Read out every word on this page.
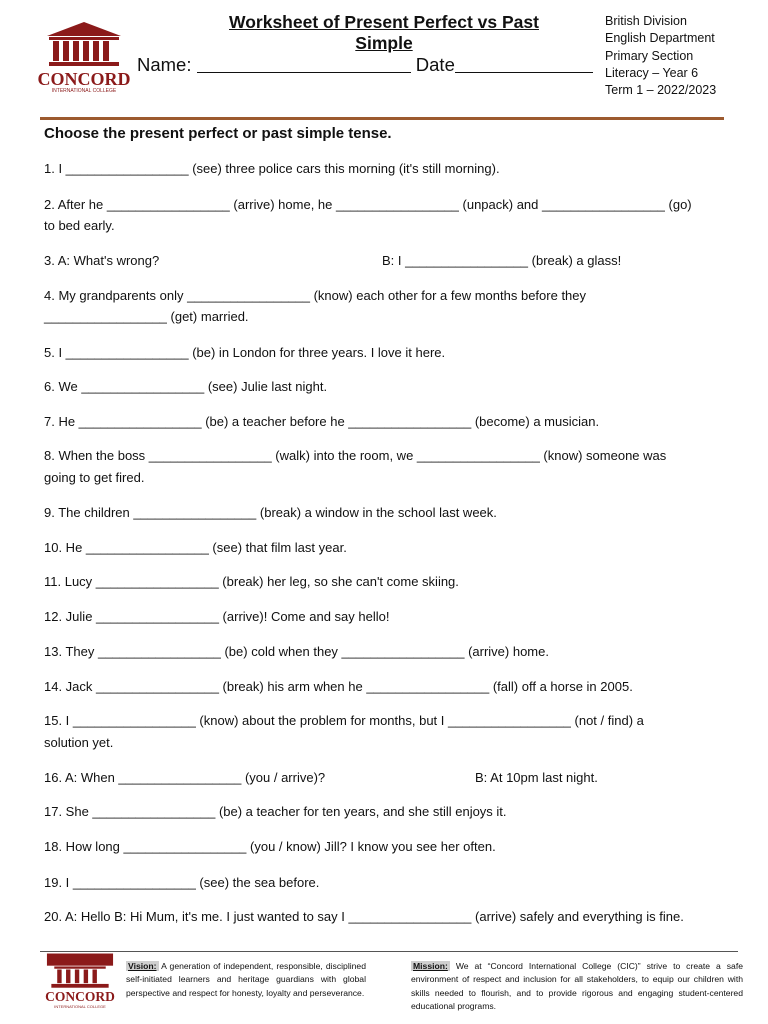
CONCORD
INTERNATIONAL COLLEGE
Worksheet of Present Perfect vs Past Simple
Name:	Date
British Division
English Department
Primary Section
Literacy – Year 6
Term 1 – 2022/2023
Choose the present perfect or past simple tense.
1. I _________________ (see) three police cars this morning (it's still morning).
2. After he _________________ (arrive) home, he _________________ (unpack) and _________________ (go)
to bed early.
3. A: What's wrong?	B: I _________________ (break) a glass!
4. My grandparents only _________________ (know) each other for a few months before they
_________________ (get) married.
5. I _________________ (be) in London for three years. I love it here.
6. We _________________ (see) Julie last night.
7. He _________________ (be) a teacher before he _________________ (become) a musician.
8. When the boss _________________ (walk) into the room, we _________________ (know) someone was
going to get fired.
9. The children _________________ (break) a window in the school last week.
10. He _________________ (see) that film last year.
11. Lucy _________________ (break) her leg, so she can't come skiing.
12. Julie _________________ (arrive)! Come and say hello!
13. They _________________ (be) cold when they _________________ (arrive) home.
14. Jack _________________ (break) his arm when he _________________ (fall) off a horse in 2005.
15. I _________________ (know) about the problem for months, but I _________________ (not / find) a
solution yet.
16. A: When _________________ (you / arrive)?	B: At 10pm last night.
17. She _________________ (be) a teacher for ten years, and she still enjoys it.
18. How long _________________ (you / know) Jill? I know you see her often.
19. I _________________ (see) the sea before.
20. A: Hello B: Hi Mum, it's me. I just wanted to say I _________________ (arrive) safely and everything is fine.
CONCORD
INTERNATIONAL COLLEGE
Vision: A generation of independent, responsible, disciplined self-initiated learners and heritage guardians with global perspective and respect for honesty, loyalty and perseverance.
Mission: We at “Concord International College (CIC)” strive to create a safe environment of respect and inclusion for all stakeholders, to equip our children with skills needed to flourish, and to provide rigorous and engaging student-centered educational programs.
